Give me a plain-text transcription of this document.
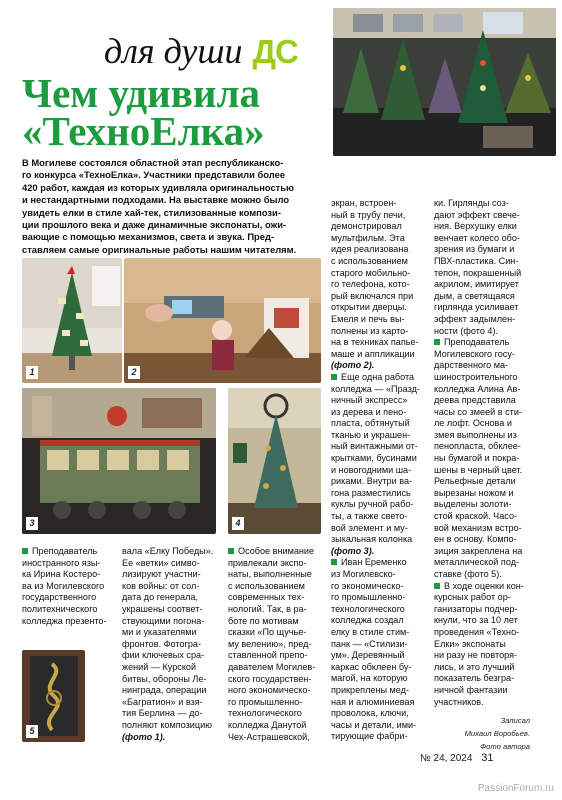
для души ДС
Чем удивила
«ТехноЕлка»
В Могилеве состоялся областной этап республиканско-
го конкурса «ТехноЕлка». Участники представили более
420 работ, каждая из которых удивляла оригинальностью
и нестандартными подходами. На выставке можно было
увидеть елки в стиле хай-тек, стилизованные компози-
ции прошлого века и даже динамичные экспонаты, ожи-
вающие с помощью механизмов, света и звука. Пред-
ставляем самые оригинальные работы нашим читателям.
1	2
3	4
5
Преподаватель
иностранного язы-
ка Ирина Костеро-
ва из Могилевского
государственного
политехнического
колледжа презенто-
вала «Елку Победы».
Ее «ветки» симво-
лизируют участни-
ков войны: от сол-
дата до генерала,
украшены соответ-
ствующими погона-
ми и указателями
фронтов. Фотогра-
фии ключевых сра-
жений — Курской
битвы, обороны Ле-
нинграда, операции
«Багратион» и взя-
тия Берлина — до-
полняют композицию
(фото 1).
Особое внимание
привлекали экспо-
наты, выполненные
с использованием
современных тех-
нологий. Так, в ра-
боте по мотивам
сказки «По щучье-
му велению», пред-
ставленной препо-
давателем Могилев-
ского государствен-
ного экономическо-
го промышленно-
технологического
колледжа Данутой
Чех-Астрашевской,
экран, встроен-
ный в трубу печи,
демонстрировал
мультфильм. Эта
идея реализована
с использованием
старого мобильно-
го телефона, кото-
рый включался при
открытии дверцы.
Емеля и печь вы-
полнены из карто-
на в техниках папье-
маше и аппликации
(фото 2).
Еще одна работа
колледжа — «Празд-
ничный экспресс»
из дерева и пено-
пласта, обтянутый
тканью и украшен-
ный винтажными от-
крытками, бусинами
и новогодними ша-
риками. Внутри ва-
гона разместились
куклы ручной рабо-
ты, а также свето-
вой элемент и му-
зыкальная колонка
(фото 3).
Иван Еременко
из Могилевско-
го экономическо-
го промышленно-
технологического
колледжа создал
елку в стиле стим-
панк — «Стилизи-
ум». Деревянный
каркас обклеен бу-
магой, на которую
прикреплены мед-
ная и алюминиевая
проволока, ключи,
часы и детали, ими-
тирующие фабри-
ки. Гирлянды соз-
дают эффект свече-
ния. Верхушку елки
венчает колесо обо-
зрения из бумаги и
ПВХ-пластика. Син-
тепон, покрашенный
акрилом, имитирует
дым, а светящаяся
гирлянда усиливает
эффект задымлен-
ности (фото 4).
Преподаватель
Могилевского госу-
дарственного ма-
шиностроительного
колледжа Алина Ав-
деева представила
часы со змеей в сти-
ле лофт. Основа и
змея выполнены из
пенопласта, обклее-
ны бумагой и покра-
шены в черный цвет.
Рельефные детали
вырезаны ножом и
выделены золоти-
стой краской. Часо-
вой механизм встро-
ен в основу. Компо-
зиция закреплена на
металлической под-
ставке (фото 5).
В ходе оценки кон-
курсных работ ор-
ганизаторы подчер-
кнули, что за 10 лет
проведения «Техно-
Елки» экспонаты
ни разу не повторя-
лись, и это лучший
показатель безгра-
ничной фантазии
участников.
Записал
Михаил Воробьев.
Фото автора
№ 24, 2024 31
PassionForum.ru
